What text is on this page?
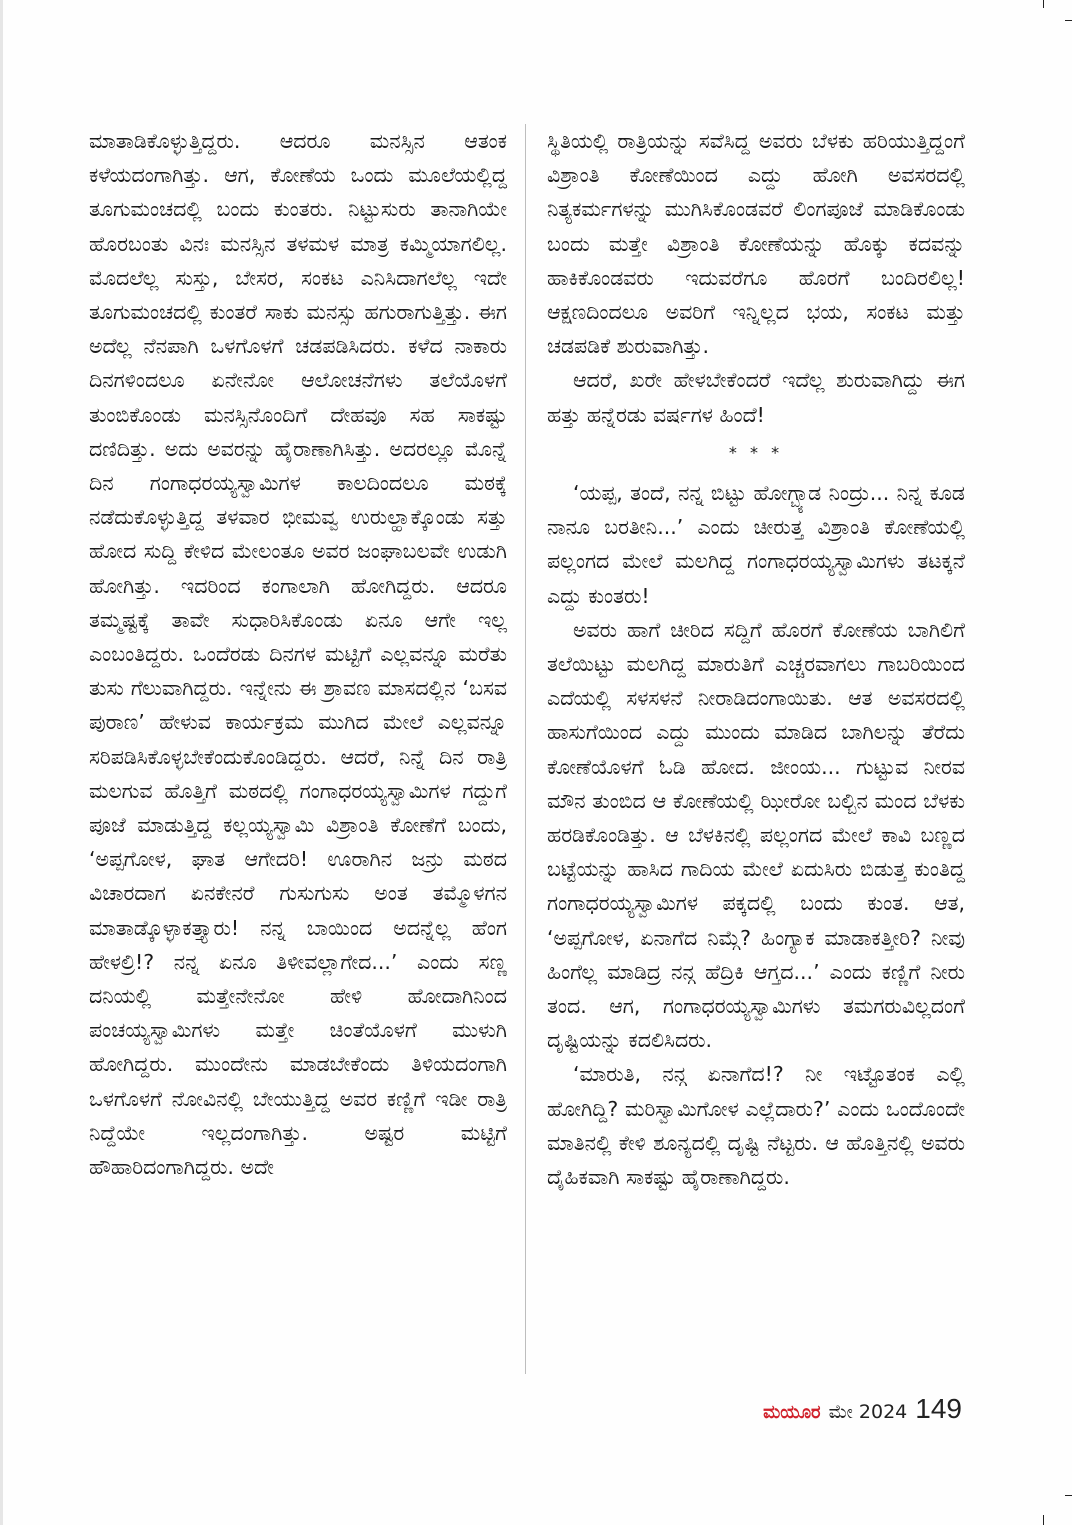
ಮಾತಾಡಿಕೊಳ್ಳುತ್ತಿದ್ದರು. ಆದರೂ ಮನಸ್ಸಿನ ಆತಂಕ ಕಳೆಯದಂಗಾಗಿತ್ತು. ಆಗ, ಕೋಣೆಯ ಒಂದು ಮೂಲೆಯಲ್ಲಿದ್ದ ತೂಗುಮಂಚದಲ್ಲಿ ಬಂದು ಕುಂತರು. ನಿಟ್ಟುಸುರು ತಾನಾಗಿಯೇ ಹೊರಬಂತು ವಿನಃ ಮನಸ್ಸಿನ ತಳಮಳ ಮಾತ್ರ ಕಮ್ಮಿಯಾಗಲಿಲ್ಲ. ಮೊದಲೆಲ್ಲ ಸುಸ್ತು, ಬೇಸರ, ಸಂಕಟ ಎನಿಸಿದಾಗಲೆಲ್ಲ ಇದೇ ತೂಗುಮಂಚದಲ್ಲಿ ಕುಂತರೆ ಸಾಕು ಮನಸ್ಸು ಹಗುರಾಗುತ್ತಿತ್ತು. ಈಗ ಅದೆಲ್ಲ ನೆನಪಾಗಿ ಒಳಗೊಳಗೆ ಚಡಪಡಿಸಿದರು. ಕಳೆದ ನಾಕಾರು ದಿನಗಳಿಂದಲೂ ಏನೇನೋ ಆಲೋಚನೆಗಳು ತಲೆಯೊಳಗೆ ತುಂಬಿಕೊಂಡು ಮನಸ್ಸಿನೊಂದಿಗೆ ದೇಹವೂ ಸಹ ಸಾಕಷ್ಟು ದಣಿದಿತ್ತು. ಅದು ಅವರನ್ನು ಹೈರಾಣಾಗಿಸಿತ್ತು. ಅದರಲ್ಲೂ ಮೊನ್ನೆ ದಿನ ಗಂಗಾಧರಯ್ಯಸ್ವಾಮಿಗಳ ಕಾಲದಿಂದಲೂ ಮಠಕ್ಕೆ ನಡೆದುಕೊಳ್ಳುತ್ತಿದ್ದ ತಳವಾರ ಭೀಮವ್ವ ಉರುಲ್ಹಾಕ್ಕೊಂಡು ಸತ್ತು ಹೋದ ಸುದ್ದಿ ಕೇಳಿದ ಮೇಲಂತೂ ಅವರ ಜಂಘಾಬಲವೇ ಉಡುಗಿ ಹೋಗಿತ್ತು. ಇದರಿಂದ ಕಂಗಾಲಾಗಿ ಹೋಗಿದ್ದರು. ಆದರೂ ತಮ್ಮಷ್ಟಕ್ಕೆ ತಾವೇ ಸುಧಾರಿಸಿಕೊಂಡು ಏನೂ ಆಗೇ ಇಲ್ಲ ಎಂಬಂತಿದ್ದರು. ಒಂದೆರಡು ದಿನಗಳ ಮಟ್ಟಿಗೆ ಎಲ್ಲವನ್ನೂ ಮರೆತು ತುಸು ಗೆಲುವಾಗಿದ್ದರು. ಇನ್ನೇನು ಈ ಶ್ರಾವಣ ಮಾಸದಲ್ಲಿನ ‘ಬಸವ ಪುರಾಣ’ ಹೇಳುವ ಕಾರ್ಯಕ್ರಮ ಮುಗಿದ ಮೇಲೆ ಎಲ್ಲವನ್ನೂ ಸರಿಪಡಿಸಿಕೊಳ್ಳಬೇಕೆಂದುಕೊಂಡಿದ್ದರು. ಆದರೆ, ನಿನ್ನೆ ದಿನ ರಾತ್ರಿ ಮಲಗುವ ಹೊತ್ತಿಗೆ ಮಠದಲ್ಲಿ ಗಂಗಾಧರಯ್ಯಸ್ವಾಮಿಗಳ ಗದ್ದುಗೆ ಪೂಜೆ ಮಾಡುತ್ತಿದ್ದ ಕಲ್ಲಯ್ಯಸ್ವಾಮಿ ವಿಶ್ರಾಂತಿ ಕೋಣೆಗೆ ಬಂದು, ‘ಅಪ್ಪಗೋಳ, ಘಾತ ಆಗೇದರಿ! ಊರಾಗಿನ ಜನ್ರು ಮಠದ ವಿಚಾರದಾಗ ಏನಕೇನರೆ ಗುಸುಗುಸು ಅಂತ ತಮ್ಮೊಳಗನ ಮಾತಾಡ್ಕೊಳ್ಳಾಕತ್ತ್ಯಾರು! ನನ್ನ ಬಾಯಿಂದ ಅದನ್ನೆಲ್ಲ ಹೆಂಗ ಹೇಳಲ್ರಿ!? ನನ್ನ ಏನೂ ತಿಳೀವಲ್ಲಾಗೇದ...’ ಎಂದು ಸಣ್ಣ ದನಿಯಲ್ಲಿ ಮತ್ತೇನೇನೋ ಹೇಳಿ ಹೋದಾಗಿನಿಂದ ಪಂಚಯ್ಯಸ್ವಾಮಿಗಳು ಮತ್ತೇ ಚಿಂತೆಯೊಳಗೆ ಮುಳುಗಿ ಹೋಗಿದ್ದರು. ಮುಂದೇನು ಮಾಡಬೇಕೆಂದು ತಿಳಿಯದಂಗಾಗಿ ಒಳಗೊಳಗೆ ನೋವಿನಲ್ಲಿ ಬೇಯುತ್ತಿದ್ದ ಅವರ ಕಣ್ಣಿಗೆ ಇಡೀ ರಾತ್ರಿ ನಿದ್ದೆಯೇ ಇಲ್ಲದಂಗಾಗಿತ್ತು. ಅಷ್ಟರ ಮಟ್ಟಿಗೆ ಹೌಹಾರಿದಂಗಾಗಿದ್ದರು. ಅದೇ

ಸ್ಥಿತಿಯಲ್ಲಿ ರಾತ್ರಿಯನ್ನು ಸವೆಸಿದ್ದ ಅವರು ಬೆಳಕು ಹರಿಯುತ್ತಿದ್ದಂಗೆ ವಿಶ್ರಾಂತಿ ಕೋಣೆಯಿಂದ ಎದ್ದು ಹೋಗಿ ಅವಸರದಲ್ಲಿ ನಿತ್ಯಕರ್ಮಗಳನ್ನು ಮುಗಿಸಿಕೊಂಡವರೆ ಲಿಂಗಪೂಜೆ ಮಾಡಿಕೊಂಡು ಬಂದು ಮತ್ತೇ ವಿಶ್ರಾಂತಿ ಕೋಣೆಯನ್ನು ಹೊಕ್ಕು ಕದವನ್ನು ಹಾಕಿಕೊಂಡವರು ಇದುವರೆಗೂ ಹೊರಗೆ ಬಂದಿರಲಿಲ್ಲ! ಆಕ್ಷಣದಿಂದಲೂ ಅವರಿಗೆ ಇನ್ನಿಲ್ಲದ ಭಯ, ಸಂಕಟ ಮತ್ತು ಚಡಪಡಿಕೆ ಶುರುವಾಗಿತ್ತು.

ಆದರೆ, ಖರೇ ಹೇಳಬೇಕೆಂದರೆ ಇದೆಲ್ಲ ಶುರುವಾಗಿದ್ದು ಈಗ ಹತ್ತು ಹನ್ನೆರಡು ವರ್ಷಗಳ ಹಿಂದೆ!

* * *

‘ಯಪ್ಪ, ತಂದೆ, ನನ್ನ ಬಿಟ್ಟು ಹೋಗ್ಬ್ಯಾಡ ನಿಂದ್ರು... ನಿನ್ನ ಕೂಡ ನಾನೂ ಬರತೀನಿ...’ ಎಂದು ಚೀರುತ್ತ ವಿಶ್ರಾಂತಿ ಕೋಣೆಯಲ್ಲಿ ಪಲ್ಲಂಗದ ಮೇಲೆ ಮಲಗಿದ್ದ ಗಂಗಾಧರಯ್ಯಸ್ವಾಮಿಗಳು ತಟಕ್ಕನೆ ಎದ್ದು ಕುಂತರು!

ಅವರು ಹಾಗೆ ಚೀರಿದ ಸದ್ದಿಗೆ ಹೊರಗೆ ಕೋಣೆಯ ಬಾಗಿಲಿಗೆ ತಲೆಯಿಟ್ಟು ಮಲಗಿದ್ದ ಮಾರುತಿಗೆ ಎಚ್ಚರವಾಗಲು ಗಾಬರಿಯಿಂದ ಎದೆಯಲ್ಲಿ ಸಳಸಳನೆ ನೀರಾಡಿದಂಗಾಯಿತು. ಆತ ಅವಸರದಲ್ಲಿ ಹಾಸುಗೆಯಿಂದ ಎದ್ದು ಮುಂದು ಮಾಡಿದ ಬಾಗಿಲನ್ನು ತೆರೆದು ಕೋಣೆಯೊಳಗೆ ಓಡಿ ಹೋದ. ಜೀಂಯ... ಗುಟ್ಟುವ ನೀರವ ಮೌನ ತುಂಬಿದ ಆ ಕೋಣೆಯಲ್ಲಿ ಝೀರೋ ಬಲ್ಬಿನ ಮಂದ ಬೆಳಕು ಹರಡಿಕೊಂಡಿತ್ತು. ಆ ಬೆಳಕಿನಲ್ಲಿ ಪಲ್ಲಂಗದ ಮೇಲೆ ಕಾವಿ ಬಣ್ಣದ ಬಟ್ಟೆಯನ್ನು ಹಾಸಿದ ಗಾದಿಯ ಮೇಲೆ ಏದುಸಿರು ಬಿಡುತ್ತ ಕುಂತಿದ್ದ ಗಂಗಾಧರಯ್ಯಸ್ವಾಮಿಗಳ ಪಕ್ಕದಲ್ಲಿ ಬಂದು ಕುಂತ. ಆತ, ‘ಅಪ್ಪಗೋಳ, ಏನಾಗೆದ ನಿಮ್ಗೆ? ಹಿಂಗ್ಯಾಕ ಮಾಡಾಕತ್ತೀರಿ? ನೀವು ಹಿಂಗೆಲ್ಲ ಮಾಡಿದ್ರ ನನ್ಗ ಹೆದ್ರಿಕಿ ಆಗ್ತದ...’ ಎಂದು ಕಣ್ಣಿಗೆ ನೀರು ತಂದ. ಆಗ, ಗಂಗಾಧರಯ್ಯಸ್ವಾಮಿಗಳು ತಮಗರುವಿಲ್ಲದಂಗೆ ದೃಷ್ಟಿಯನ್ನು ಕದಲಿಸಿದರು.

‘ಮಾರುತಿ, ನನ್ಗ ಏನಾಗೆದ!? ನೀ ಇಟ್ಟೊತಂಕ ಎಲ್ಲಿ ಹೋಗಿದ್ದಿ? ಮರಿಸ್ವಾಮಿಗೋಳ ಎಲ್ಲೆದಾರು?’ ಎಂದು ಒಂದೊಂದೇ ಮಾತಿನಲ್ಲಿ ಕೇಳಿ ಶೂನ್ಯದಲ್ಲಿ ದೃಷ್ಟಿ ನೆಟ್ಟರು. ಆ ಹೊತ್ತಿನಲ್ಲಿ ಅವರು ದೈಹಿಕವಾಗಿ ಸಾಕಷ್ಟು ಹೈರಾಣಾಗಿದ್ದರು.

ಮಯೂರ ಮೇ 2024 149
